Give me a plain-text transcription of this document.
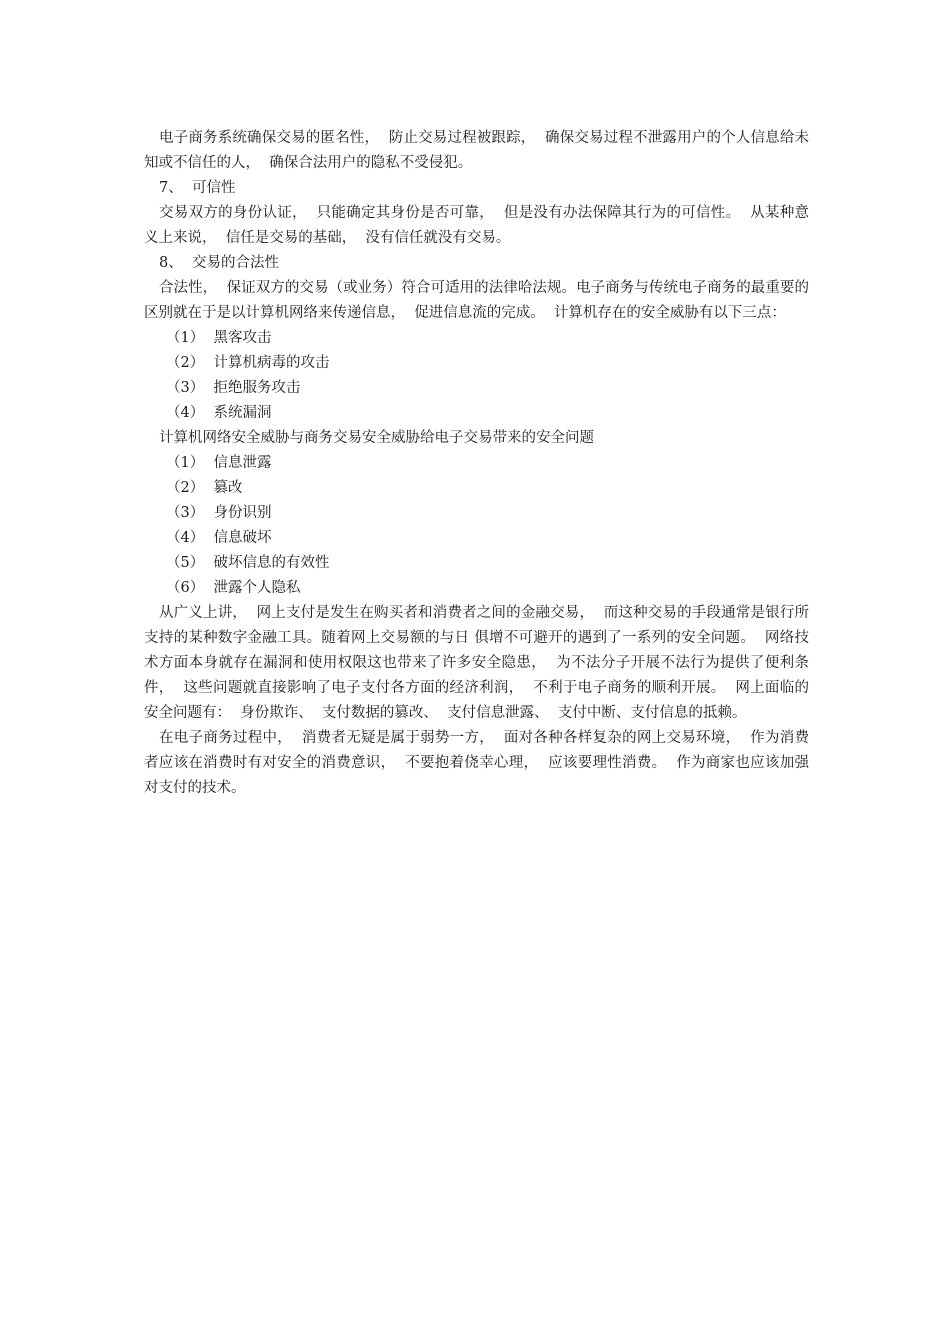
电子商务系统确保交易的匿名性，  防止交易过程被跟踪，  确保交易过程不泄露用户的个人信息给未知或不信任的人，  确保合法用户的隐私不受侵犯。

7、  可信性

交易双方的身份认证，  只能确定其身份是否可靠，  但是没有办法保障其行为的可信性。  从某种意义上来说，  信任是交易的基础，  没有信任就没有交易。

8、  交易的合法性

合法性，  保证双方的交易（或业务）符合可适用的法律哈法规。电子商务与传统电子商务的最重要的区别就在于是以计算机网络来传递信息，  促进信息流的完成。  计算机存在的安全威胁有以下三点：

（1）  黑客攻击
（2）  计算机病毒的攻击
（3）  拒绝服务攻击
（4）  系统漏洞

计算机网络安全威胁与商务交易安全威胁给电子交易带来的安全问题

（1）  信息泄露
（2）  篡改
（3）  身份识别
（4）  信息破坏
（5）  破坏信息的有效性
（6）  泄露个人隐私

从广义上讲，  网上支付是发生在购买者和消费者之间的金融交易，  而这种交易的手段通常是银行所支持的某种数字金融工具。随着网上交易额的与日 俱增不可避开的遇到了一系列的安全问题。  网络技术方面本身就存在漏洞和使用权限这也带来了许多安全隐患，  为不法分子开展不法行为提供了便利条件，  这些问题就直接影响了电子支付各方面的经济利润，  不利于电子商务的顺利开展。  网上面临的安全问题有：  身份欺诈、  支付数据的篡改、  支付信息泄露、  支付中断、支付信息的抵赖。

在电子商务过程中，  消费者无疑是属于弱势一方，  面对各种各样复杂的网上交易环境，  作为消费者应该在消费时有对安全的消费意识，  不要抱着侥幸心理，  应该要理性消费。  作为商家也应该加强对支付的技术。
